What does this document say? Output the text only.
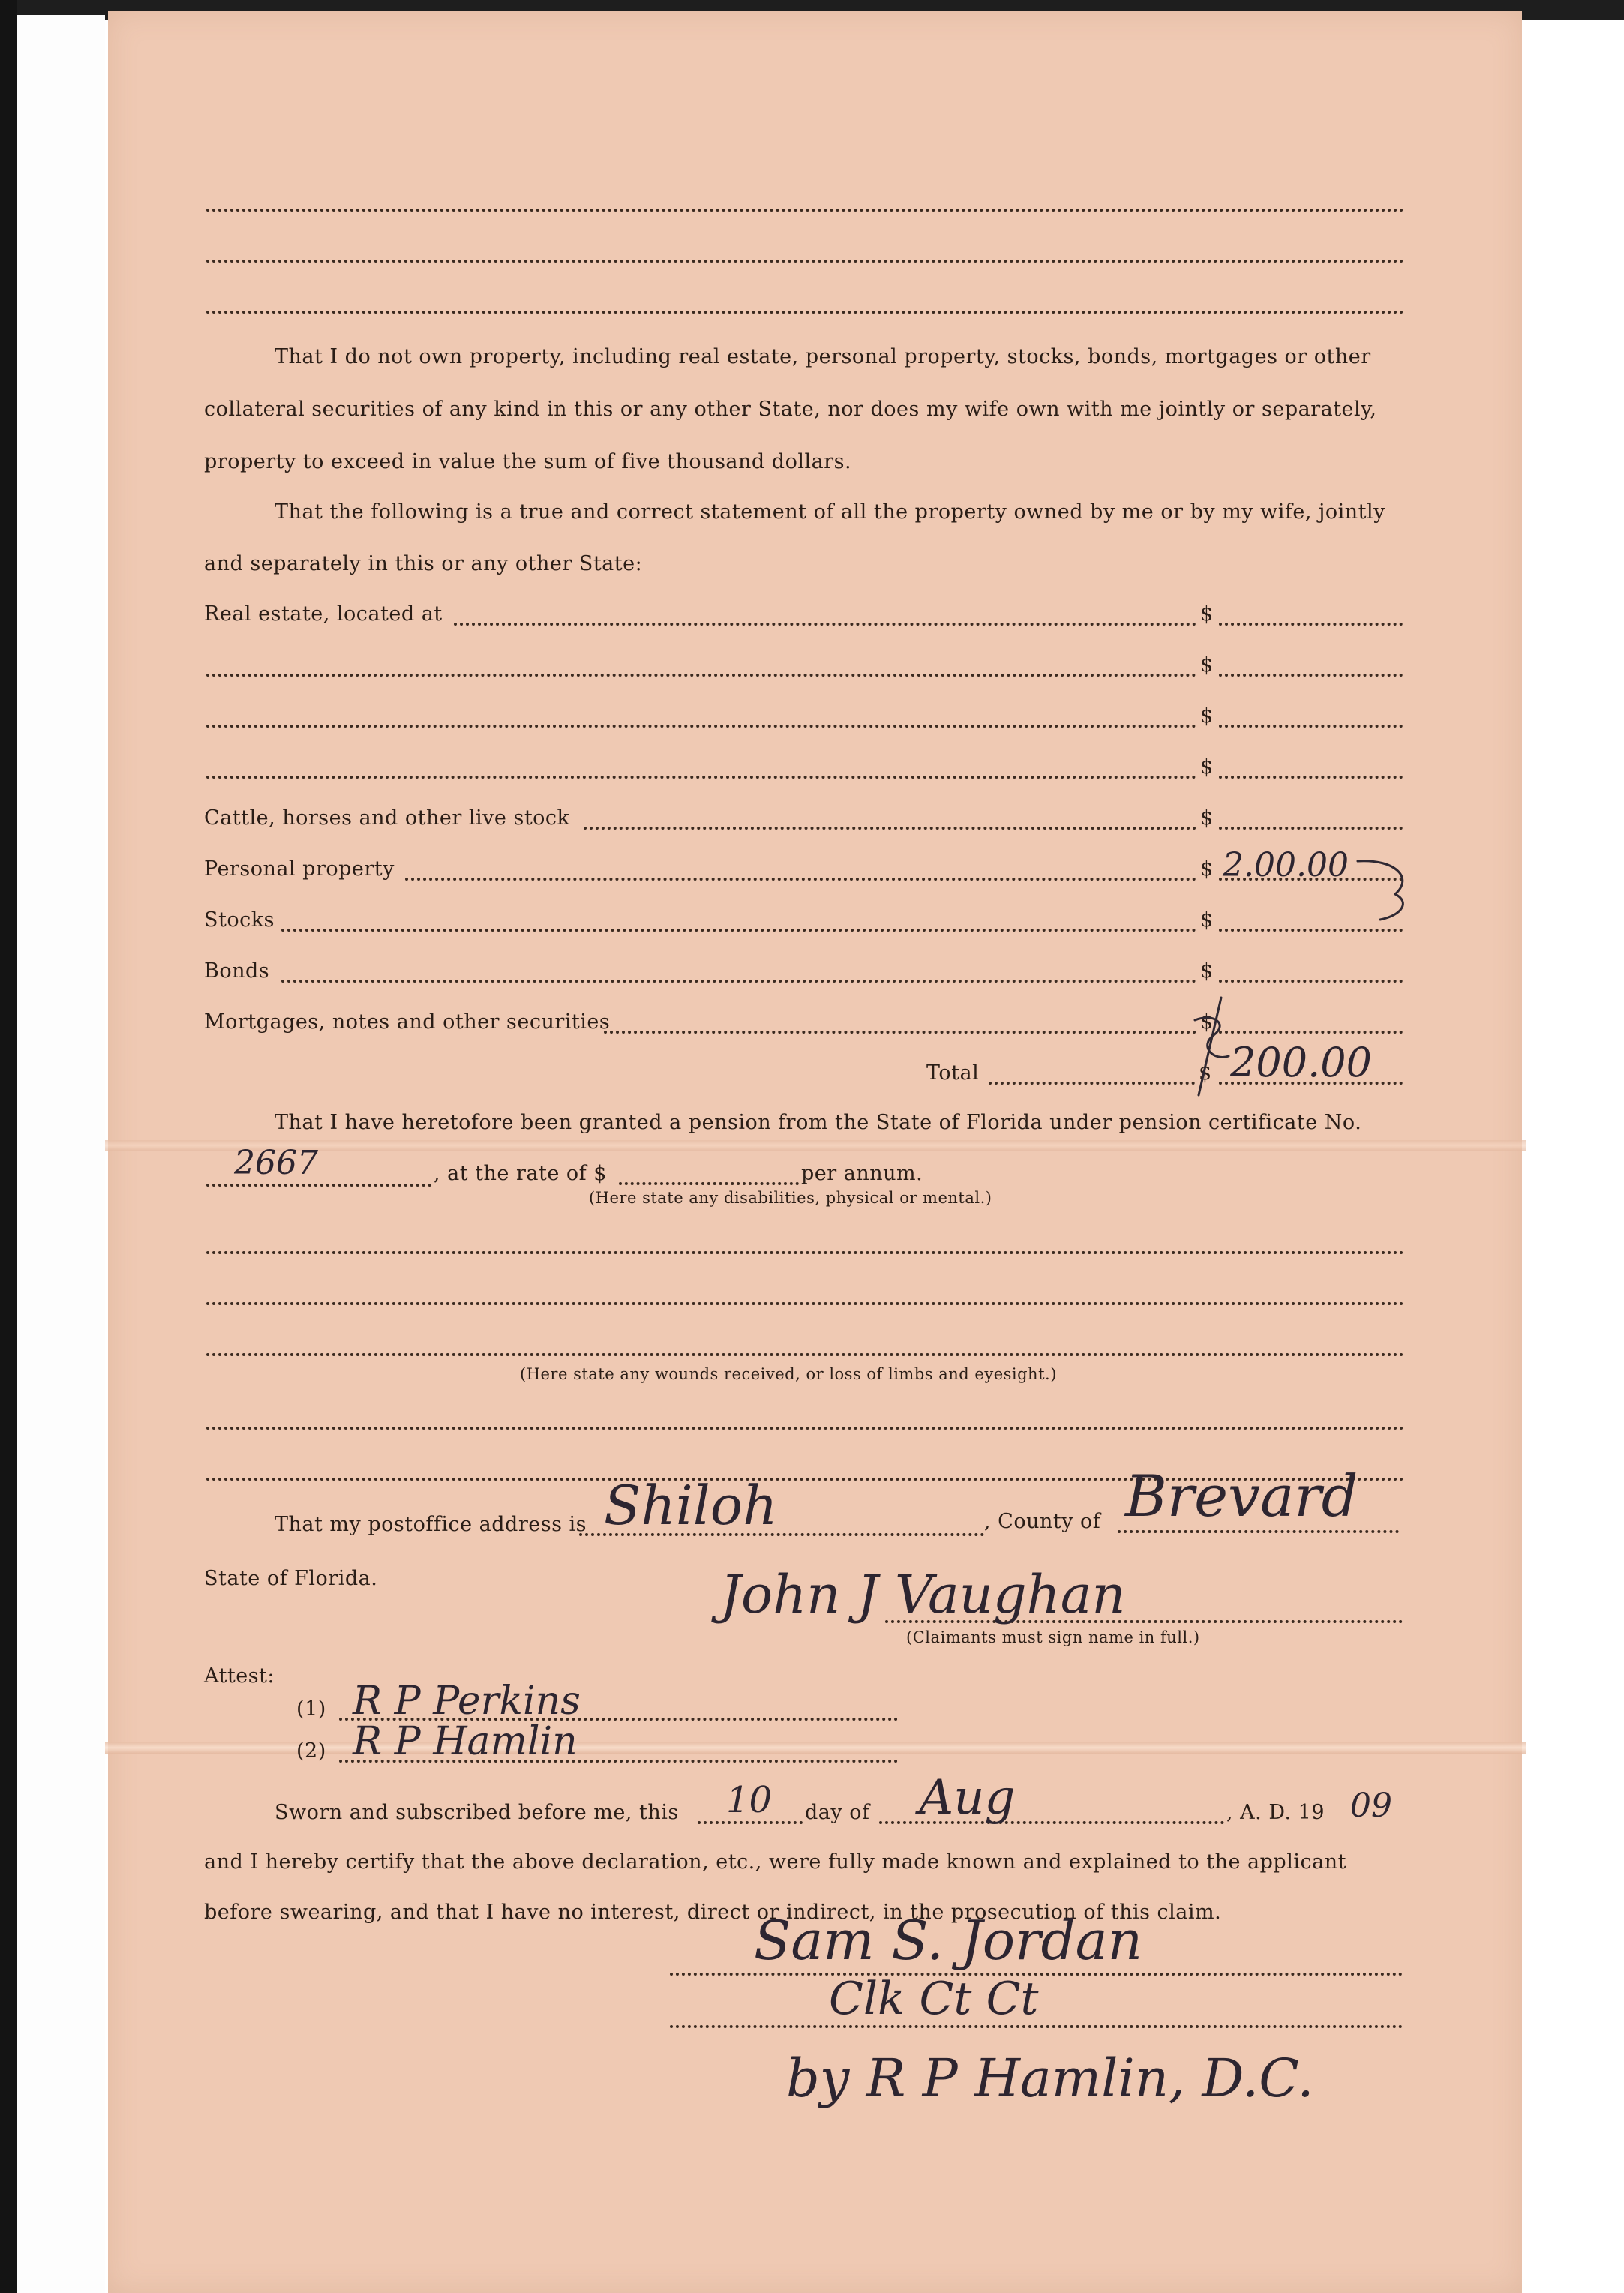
That I do not own property, including real estate, personal property, stocks, bonds, mortgages or other
collateral securities of any kind in this or any other State, nor does my wife own with me jointly or separately,
property to exceed in value the sum of five thousand dollars.
That the following is a true and correct statement of all the property owned by me or by my wife, jointly
and separately in this or any other State:
Real estate, located at	$
$
$
$
Cattle, horses and other live stock	$
Personal property	$ 2.00.00
Stocks	$
Bonds	$
Mortgages, notes and other securities	$
Total	$ 200.00
That I have heretofore been granted a pension from the State of Florida under pension certificate No.
2667	, at the rate of $	per annum.
(Here state any disabilities, physical or mental.)
(Here state any wounds received, or loss of limbs and eyesight.)
That my postoffice address is Shiloh	, County of Brevard
State of Florida.	John J Vaughan
(Claimants must sign name in full.)
Attest:
(1) R P Perkins
(2) R P Hamlin
Sworn and subscribed before me, this 10 day of Aug	, A. D. 19 09
and I hereby certify that the above declaration, etc., were fully made known and explained to the applicant
before swearing, and that I have no interest, direct or indirect, in the prosecution of this claim.
Sam S. Jordan
Clk Ct Ct
by R P Hamlin, D.C.
